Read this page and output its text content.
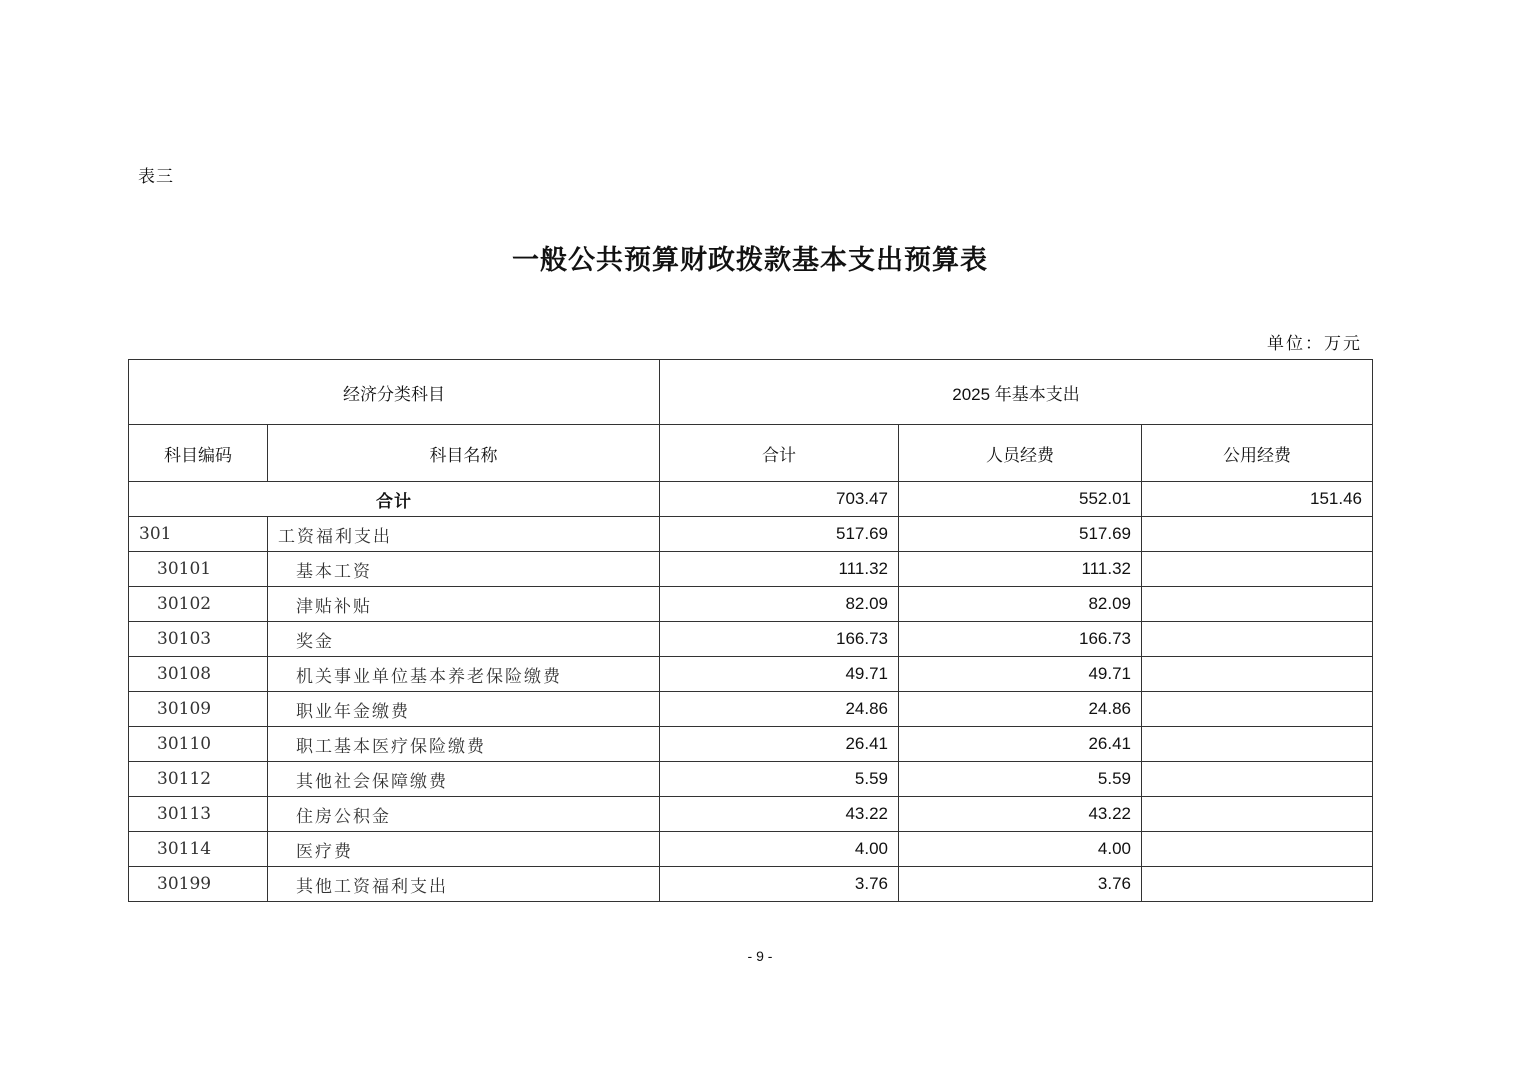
表三
一般公共预算财政拨款基本支出预算表
单位：万元
经济分类科目		2025 年基本支出		
科目编码	科目名称	合计	人员经费	公用经费
合计		703.47	552.01	151.46
301	工资福利支出	517.69	517.69	
30101	基本工资	111.32	111.32	
30102	津贴补贴	82.09	82.09	
30103	奖金	166.73	166.73	
30108	机关事业单位基本养老保险缴费	49.71	49.71	
30109	职业年金缴费	24.86	24.86	
30110	职工基本医疗保险缴费	26.41	26.41	
30112	其他社会保障缴费	5.59	5.59	
30113	住房公积金	43.22	43.22	
30114	医疗费	4.00	4.00	
30199	其他工资福利支出	3.76	3.76	
- 9 -
